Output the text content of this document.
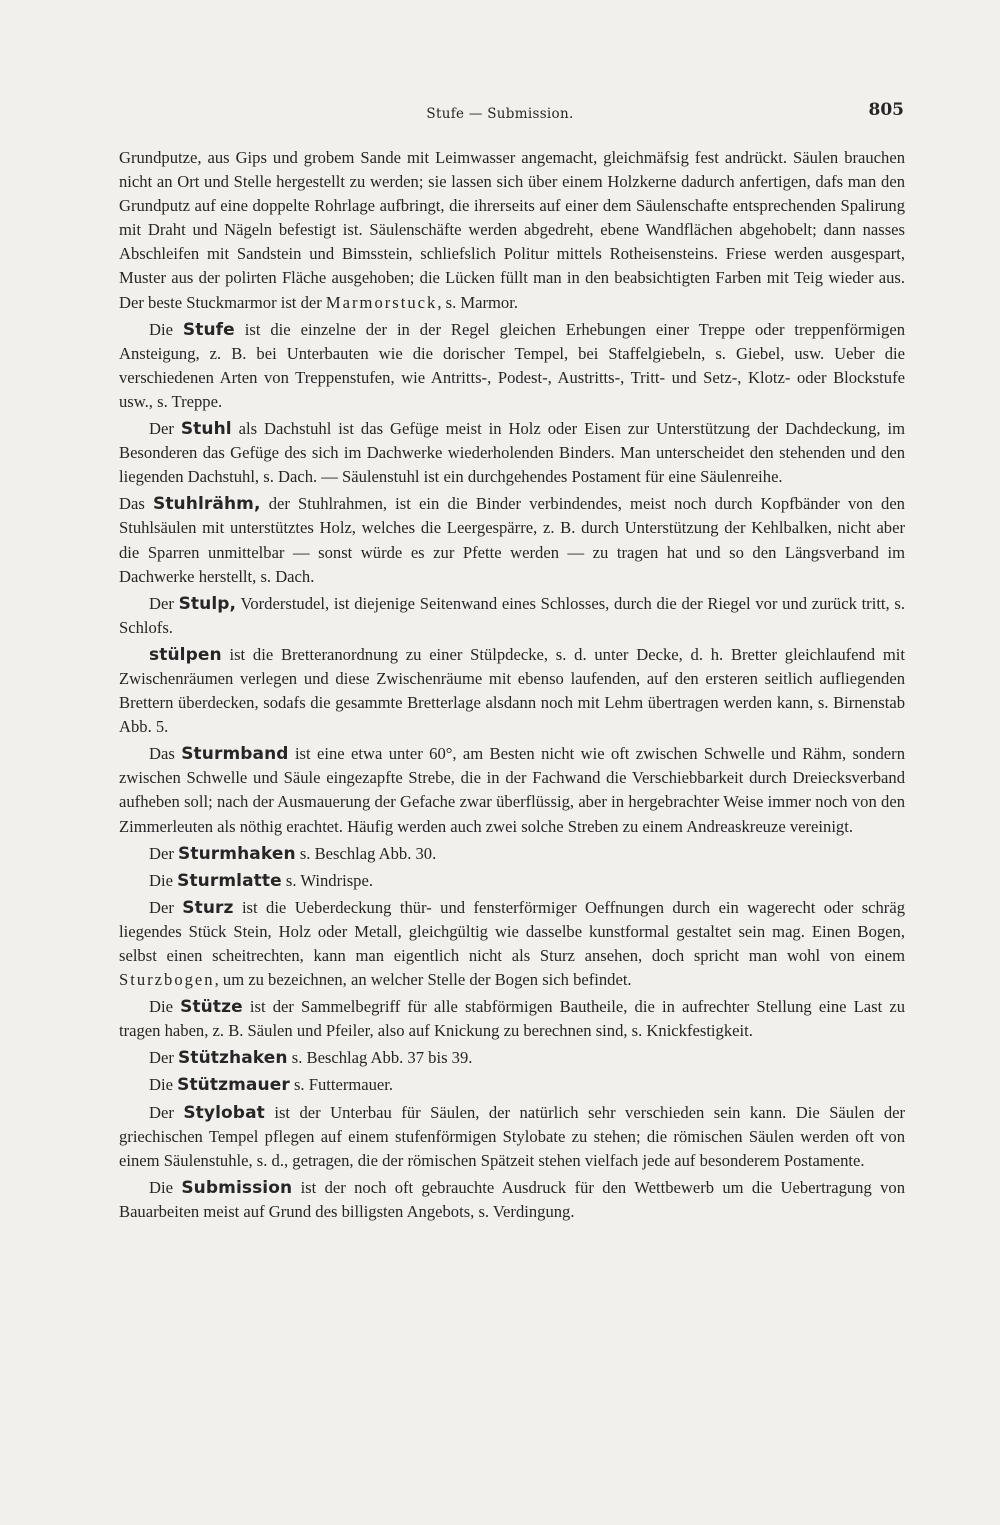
Stufe — Submission.	805

Grundputze, aus Gips und grobem Sande mit Leimwasser angemacht, gleichmäfsig fest andrückt. Säulen brauchen nicht an Ort und Stelle hergestellt zu werden; sie lassen sich über einem Holzkerne dadurch anfertigen, dafs man den Grundputz auf eine doppelte Rohrlage aufbringt, die ihrerseits auf einer dem Säulenschafte entsprechenden Spalirung mit Draht und Nägeln befestigt ist. Säulenschäfte werden abgedreht, ebene Wandflächen abgehobelt; dann nasses Abschleifen mit Sandstein und Bimsstein, schliefslich Politur mittels Rotheisensteins. Friese werden ausgespart, Muster aus der polirten Fläche ausgehoben; die Lücken füllt man in den beabsichtigten Farben mit Teig wieder aus. Der beste Stuckmarmor ist der Marmorstuck, s. Marmor.

Die Stufe ist die einzelne der in der Regel gleichen Erhebungen einer Treppe oder treppenförmigen Ansteigung, z. B. bei Unterbauten wie die dorischer Tempel, bei Staffelgiebeln, s. Giebel, usw. Ueber die verschiedenen Arten von Treppenstufen, wie Antritts-, Podest-, Austritts-, Tritt- und Setz-, Klotz- oder Blockstufe usw., s. Treppe.

Der Stuhl als Dachstuhl ist das Gefüge meist in Holz oder Eisen zur Unterstützung der Dachdeckung, im Besonderen das Gefüge des sich im Dachwerke wiederholenden Binders. Man unterscheidet den stehenden und den liegenden Dachstuhl, s. Dach. — Säulenstuhl ist ein durchgehendes Postament für eine Säulenreihe.

Das Stuhlrähm, der Stuhlrahmen, ist ein die Binder verbindendes, meist noch durch Kopfbänder von den Stuhlsäulen mit unterstütztes Holz, welches die Leergespärre, z. B. durch Unterstützung der Kehlbalken, nicht aber die Sparren unmittelbar — sonst würde es zur Pfette werden — zu tragen hat und so den Längsverband im Dachwerke herstellt, s. Dach.

Der Stulp, Vorderstudel, ist diejenige Seitenwand eines Schlosses, durch die der Riegel vor und zurück tritt, s. Schlofs.

stülpen ist die Bretteranordnung zu einer Stülpdecke, s. d. unter Decke, d. h. Bretter gleichlaufend mit Zwischenräumen verlegen und diese Zwischenräume mit ebenso laufenden, auf den ersteren seitlich aufliegenden Brettern überdecken, sodafs die gesammte Bretterlage alsdann noch mit Lehm übertragen werden kann, s. Birnenstab Abb. 5.

Das Sturmband ist eine etwa unter 60°, am Besten nicht wie oft zwischen Schwelle und Rähm, sondern zwischen Schwelle und Säule eingezapfte Strebe, die in der Fachwand die Verschiebbarkeit durch Dreiecksverband aufheben soll; nach der Ausmauerung der Gefache zwar überflüssig, aber in hergebrachter Weise immer noch von den Zimmerleuten als nöthig erachtet. Häufig werden auch zwei solche Streben zu einem Andreaskreuze vereinigt.

Der Sturmhaken s. Beschlag Abb. 30.

Die Sturmlatte s. Windrispe.

Der Sturz ist die Ueberdeckung thür- und fensterförmiger Oeffnungen durch ein wagerecht oder schräg liegendes Stück Stein, Holz oder Metall, gleichgültig wie dasselbe kunstformal gestaltet sein mag. Einen Bogen, selbst einen scheitrechten, kann man eigentlich nicht als Sturz ansehen, doch spricht man wohl von einem Sturzbogen, um zu bezeichnen, an welcher Stelle der Bogen sich befindet.

Die Stütze ist der Sammelbegriff für alle stabförmigen Bautheile, die in aufrechter Stellung eine Last zu tragen haben, z. B. Säulen und Pfeiler, also auf Knickung zu berechnen sind, s. Knickfestigkeit.

Der Stützhaken s. Beschlag Abb. 37 bis 39.

Die Stützmauer s. Futtermauer.

Der Stylobat ist der Unterbau für Säulen, der natürlich sehr verschieden sein kann. Die Säulen der griechischen Tempel pflegen auf einem stufenförmigen Stylobate zu stehen; die römischen Säulen werden oft von einem Säulenstuhle, s. d., getragen, die der römischen Spätzeit stehen vielfach jede auf besonderem Postamente.

Die Submission ist der noch oft gebrauchte Ausdruck für den Wettbewerb um die Uebertragung von Bauarbeiten meist auf Grund des billigsten Angebots, s. Verdingung.
